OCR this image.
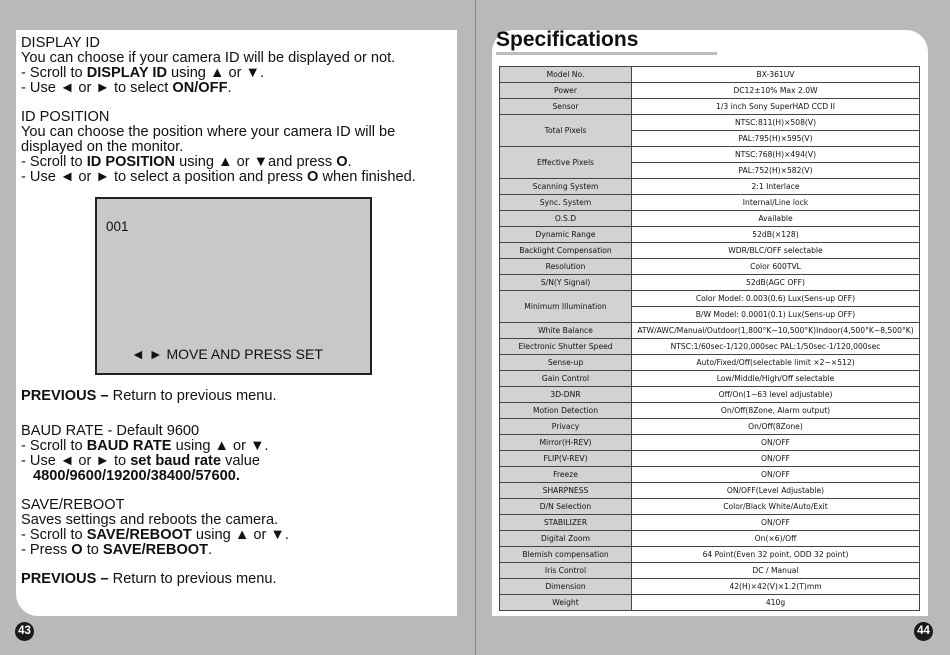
DISPLAY ID
You can choose if your camera ID will be displayed or not.
- Scroll to DISPLAY ID using ▲ or ▼.
- Use ◄ or ► to select ON/OFF.
ID POSITION
You can choose the position where your camera ID will be
displayed on the monitor.
- Scroll to ID POSITION using ▲ or ▼and press O.
- Use ◄ or ► to select a position and press O when finished.
001
◄ ► MOVE AND PRESS SET
PREVIOUS – Return to previous menu.
BAUD RATE - Default 9600
- Scroll to BAUD RATE using ▲ or ▼.
- Use ◄ or ► to set baud rate value
4800/9600/19200/38400/57600.
SAVE/REBOOT
Saves settings and reboots the camera.
- Scroll to SAVE/REBOOT using ▲ or ▼.
- Press O to SAVE/REBOOT.
PREVIOUS – Return to previous menu.
43
Specifications
Model No.	BX-361UV
Power	DC12±10% Max 2.0W
Sensor	1/3 inch Sony SuperHAD CCD II
Total Pixels	NTSC:811(H)×508(V)
	PAL:795(H)×595(V)
Effective Pixels	NTSC:768(H)×494(V)
	PAL:752(H)×582(V)
Scanning System	2:1 Interlace
Sync. System	Internal/Line lock
O.S.D	Available
Dynamic Range	52dB(×128)
Backlight Compensation	WDR/BLC/OFF selectable
Resolution	Color 600TVL
S/N(Y Signal)	52dB(AGC OFF)
Minimum Illumination	Color Model: 0.003(0.6) Lux(Sens-up OFF)
	B/W Model: 0.0001(0.1) Lux(Sens-up OFF)
White Balance	ATW/AWC/Manual/Outdoor(1,800°K~10,500°K)Indoor(4,500°K~8,500°K)
Electronic Shutter Speed	NTSC:1/60sec-1/120,000sec PAL:1/50sec-1/120,000sec
Sense-up	Auto/Fixed/Off(selectable limit ×2~×512)
Gain Control	Low/Middle/High/Off selectable
3D-DNR	Off/On(1~63 level adjustable)
Motion Detection	On/Off(8Zone, Alarm output)
Privacy	On/Off(8Zone)
Mirror(H-REV)	ON/OFF
FLIP(V-REV)	ON/OFF
Freeze	ON/OFF
SHARPNESS	ON/OFF(Level Adjustable)
D/N Selection	Color/Black White/Auto/Exit
STABILIZER	ON/OFF
Digital Zoom	On(×6)/Off
Blemish compensation	64 Point(Even 32 point, ODD 32 point)
Iris Control	DC / Manual
Dimension	42(H)×42(V)×1.2(T)mm
Weight	410g
44
